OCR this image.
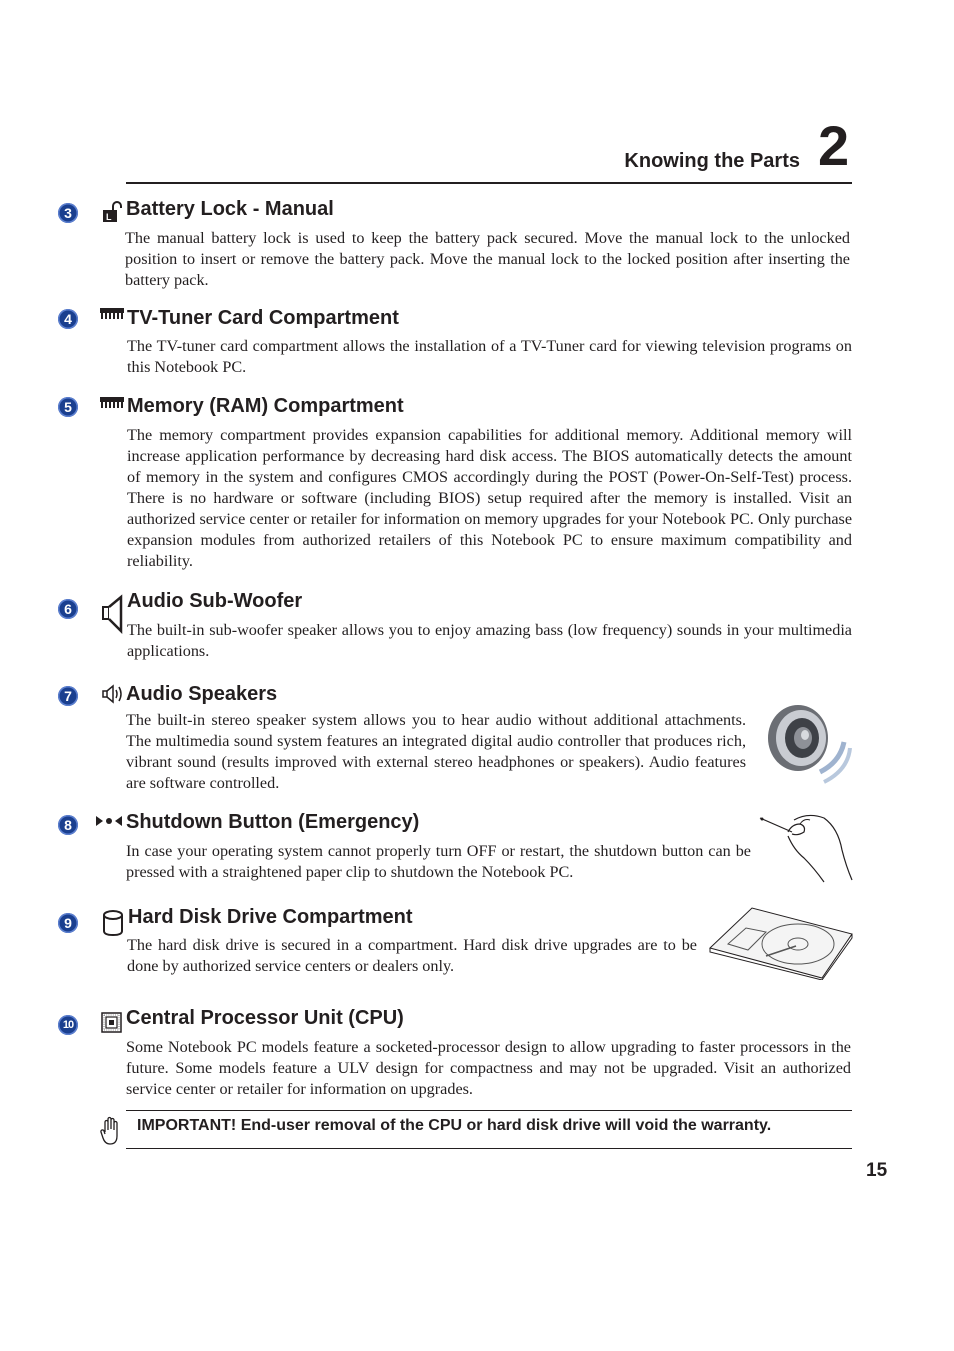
Knowing the Parts 2
3	L Battery Lock - Manual

The manual battery lock is used to keep the battery pack secured. Move the manual lock to the unlocked position to insert or remove the battery pack. Move the manual lock to the locked position after inserting the battery pack.

4	TV-Tuner Card Compartment

The TV-tuner card compartment allows the installation of a TV-Tuner card for viewing television programs on this Notebook PC.

5	Memory (RAM) Compartment

The memory compartment provides expansion capabilities for additional memory. Additional memory will increase application performance by decreasing hard disk access. The BIOS automatically detects the amount of memory in the system and configures CMOS accordingly during the POST (Power-On-Self-Test) process. There is no hardware or software (including BIOS) setup required after the memory is installed. Visit an authorized service center or retailer for information on memory upgrades for your Notebook PC. Only purchase expansion modules from authorized retailers of this Notebook PC to ensure maximum compatibility and reliability.

6	Audio Sub-Woofer

The built-in sub-woofer speaker allows you to enjoy amazing bass (low frequency) sounds in your multimedia applications.

7	Audio Speakers

The built-in stereo speaker system allows you to hear audio without additional attachments. The multimedia sound system features an integrated digital audio controller that produces rich, vibrant sound (results improved with external stereo headphones or speakers). Audio features are software controlled.

8	Shutdown Button (Emergency)

In case your operating system cannot properly turn OFF or restart, the shutdown button can be pressed with a straightened paper clip to shutdown the Notebook PC.

9	Hard Disk Drive Compartment

The hard disk drive is secured in a compartment. Hard disk drive upgrades are to be done by authorized service centers or dealers only.

10	Central Processor Unit (CPU)

Some Notebook PC models feature a socketed-processor design to allow upgrading to faster processors in the future. Some models feature a ULV design for compactness and may not be upgraded. Visit an authorized service center or retailer for information on upgrades.

IMPORTANT! End-user removal of the CPU or hard disk drive will void the warranty.
15
